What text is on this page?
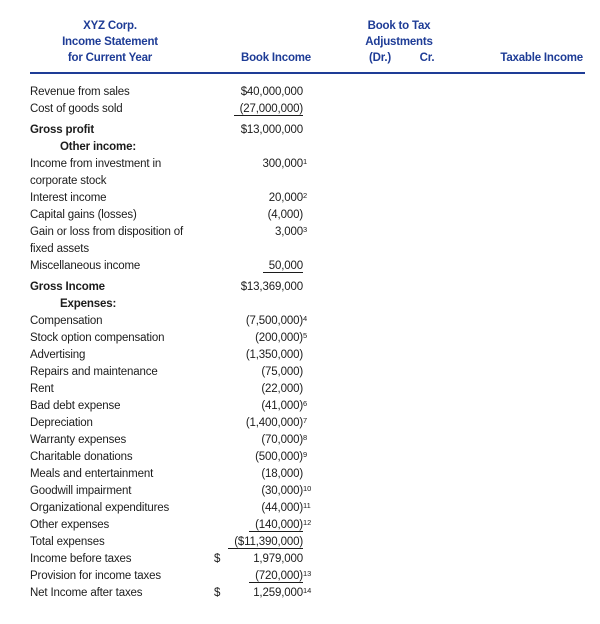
XYZ Corp.
Income Statement
for Current Year
Book to Tax
Adjustments
Book Income	(Dr.)	Cr.	Taxable Income
Revenue from sales	$40,000,000
Cost of goods sold	(27,000,000)
Gross profit	$13,000,000
Other income:
Income from investment in corporate stock
300,000 1
Interest income	20,000 2
Capital gains (losses)	(4,000)
Gain or loss from disposition of fixed assets
3,000 3
Miscellaneous income	50,000
Gross Income	$13,369,000
Expenses:
Compensation	(7,500,000) 4
Stock option compensation	(200,000) 5
Advertising	(1,350,000)
Repairs and maintenance	(75,000)
Rent	(22,000)
Bad debt expense	(41,000) 6
Depreciation	(1,400,000) 7
Warranty expenses	(70,000) 8
Charitable donations	(500,000) 9
Meals and entertainment	(18,000)
Goodwill impairment	(30,000) 10
Organizational expenditures	(44,000) 11
Other expenses	(140,000) 12
Total expenses	($11,390,000)
Income before taxes	$	1,979,000
Provision for income taxes	(720,000) 13
Net Income after taxes	$	1,259,000 14
